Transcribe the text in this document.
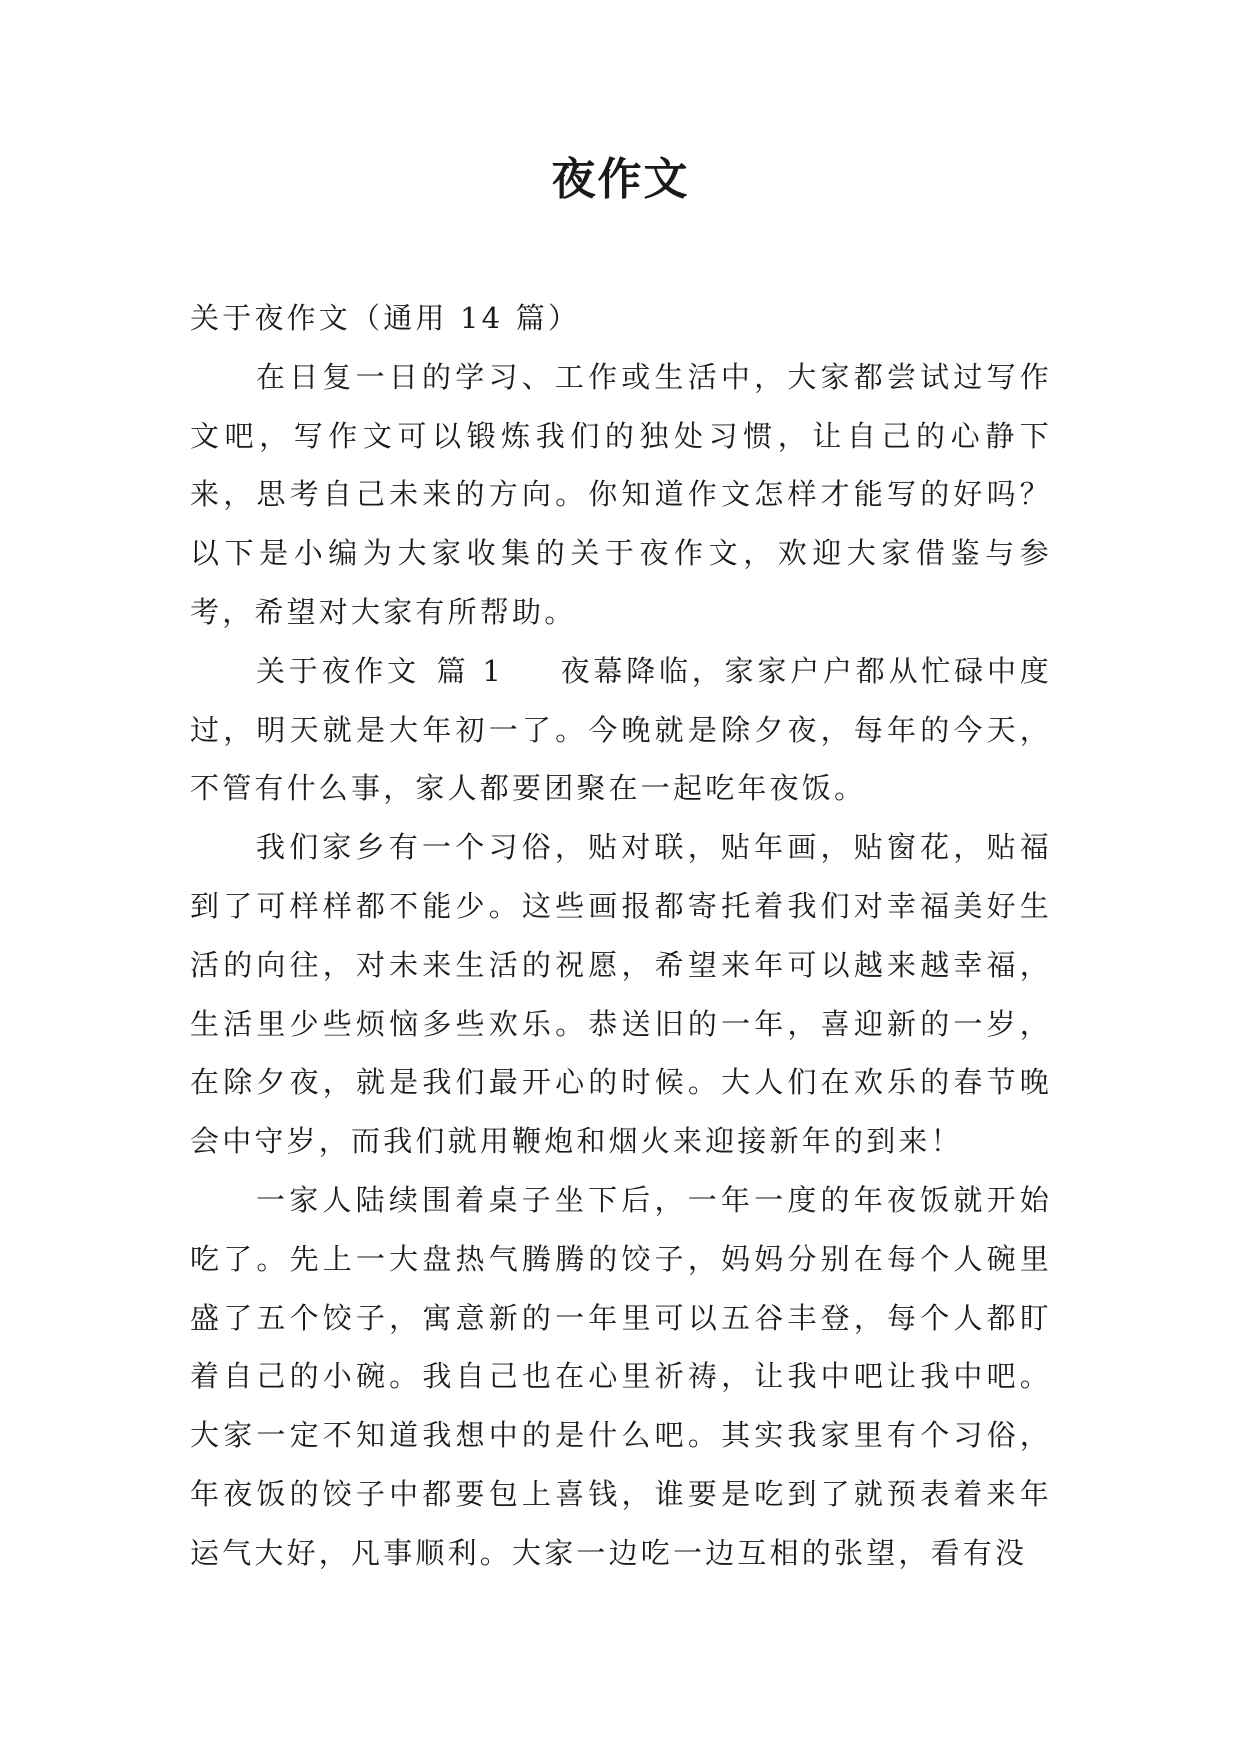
夜作文

关于夜作文（通用 14 篇）

在日复一日的学习、工作或生活中，大家都尝试过写作文吧，写作文可以锻炼我们的独处习惯，让自己的心静下来，思考自己未来的方向。你知道作文怎样才能写的好吗？以下是小编为大家收集的关于夜作文，欢迎大家借鉴与参考，希望对大家有所帮助。

关于夜作文 篇 1 夜幕降临，家家户户都从忙碌中度过，明天就是大年初一了。今晚就是除夕夜，每年的今天，不管有什么事，家人都要团聚在一起吃年夜饭。

我们家乡有一个习俗，贴对联，贴年画，贴窗花，贴福到了可样样都不能少。这些画报都寄托着我们对幸福美好生活的向往，对未来生活的祝愿，希望来年可以越来越幸福，生活里少些烦恼多些欢乐。恭送旧的一年，喜迎新的一岁，在除夕夜，就是我们最开心的时候。大人们在欢乐的春节晚会中守岁，而我们就用鞭炮和烟火来迎接新年的到来！

一家人陆续围着桌子坐下后，一年一度的年夜饭就开始吃了。先上一大盘热气腾腾的饺子，妈妈分别在每个人碗里盛了五个饺子，寓意新的一年里可以五谷丰登，每个人都盯着自己的小碗。我自己也在心里祈祷，让我中吧让我中吧。大家一定不知道我想中的是什么吧。其实我家里有个习俗，年夜饭的饺子中都要包上喜钱，谁要是吃到了就预表着来年运气大好，凡事顺利。大家一边吃一边互相的张望，看有没
